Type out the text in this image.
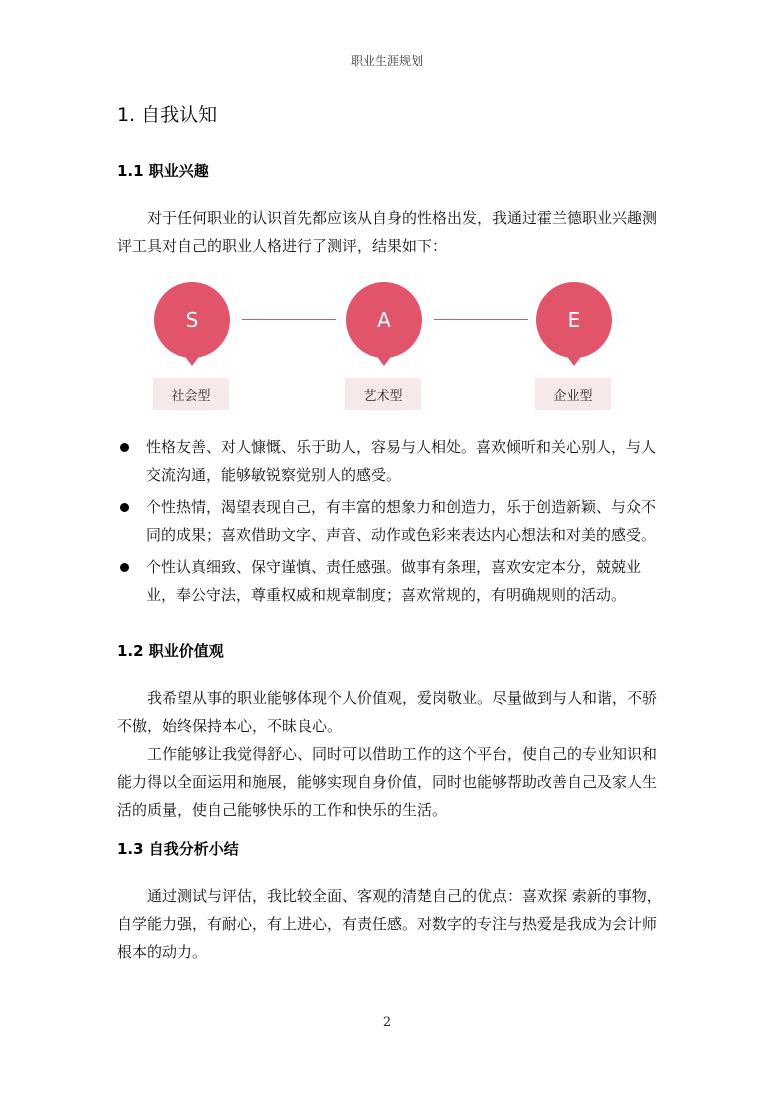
职业生涯规划
1. 自我认知
1.1 职业兴趣

对于任何职业的认识首先都应该从自身的性格出发，我通过霍兰德职业兴趣测评工具对自己的职业人格进行了测评，结果如下：

S
社会型
A
艺术型
E
企业型
性格友善、对人慷慨、乐于助人，容易与人相处。喜欢倾听和关心别人，与人交流沟通，能够敏锐察觉别人的感受。
个性热情，渴望表现自己，有丰富的想象力和创造力，乐于创造新颖、与众不同的成果；喜欢借助文字、声音、动作或色彩来表达内心想法和对美的感受。
个性认真细致、保守谨慎、责任感强。做事有条理，喜欢安定本分，兢兢业业，奉公守法，尊重权威和规章制度；喜欢常规的，有明确规则的活动。
1.2 职业价值观

我希望从事的职业能够体现个人价值观，爱岗敬业。尽量做到与人和谐，不骄不傲，始终保持本心，不昧良心。

工作能够让我觉得舒心、同时可以借助工作的这个平台，使自己的专业知识和能力得以全面运用和施展，能够实现自身价值，同时也能够帮助改善自己及家人生活的质量，使自己能够快乐的工作和快乐的生活。

1.3 自我分析小结

通过测试与评估，我比较全面、客观的清楚自己的优点：喜欢探 索新的事物，自学能力强，有耐心，有上进心，有责任感。对数字的专注与热爱是我成为会计师根本的动力。

2
